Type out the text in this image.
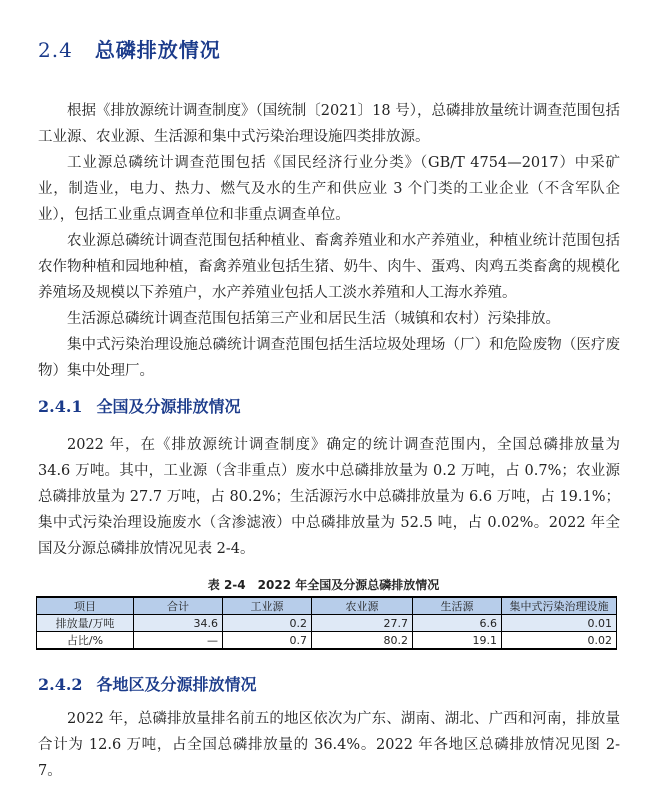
2.4 总磷排放情况

根据《排放源统计调查制度》（国统制〔2021〕18 号），总磷排放量统计调查范围包括工业源、农业源、生活源和集中式污染治理设施四类排放源。

工业源总磷统计调查范围包括《国民经济行业分类》（GB/T 4754—2017）中采矿业，制造业，电力、热力、燃气及水的生产和供应业 3 个门类的工业企业（不含军队企业），包括工业重点调查单位和非重点调查单位。

农业源总磷统计调查范围包括种植业、畜禽养殖业和水产养殖业，种植业统计范围包括农作物种植和园地种植，畜禽养殖业包括生猪、奶牛、肉牛、蛋鸡、肉鸡五类畜禽的规模化养殖场及规模以下养殖户，水产养殖业包括人工淡水养殖和人工海水养殖。

生活源总磷统计调查范围包括第三产业和居民生活（城镇和农村）污染排放。

集中式污染治理设施总磷统计调查范围包括生活垃圾处理场（厂）和危险废物（医疗废物）集中处理厂。

2.4.1 全国及分源排放情况

2022 年，在《排放源统计调查制度》确定的统计调查范围内，全国总磷排放量为 34.6 万吨。其中，工业源（含非重点）废水中总磷排放量为 0.2 万吨，占 0.7%；农业源总磷排放量为 27.7 万吨，占 80.2%；生活源污水中总磷排放量为 6.6 万吨，占 19.1%；集中式污染治理设施废水（含渗滤液）中总磷排放量为 52.5 吨，占 0.02%。2022 年全国及分源总磷排放情况见表 2-4。

表 2-4　2022 年全国及分源总磷排放情况
项目	合计	工业源	农业源	生活源	集中式污染治理设施
排放量/万吨	34.6	0.2	27.7	6.6	0.01
占比/%	—	0.7	80.2	19.1	0.02
2.4.2 各地区及分源排放情况

2022 年，总磷排放量排名前五的地区依次为广东、湖南、湖北、广西和河南，排放量合计为 12.6 万吨，占全国总磷排放量的 36.4%。2022 年各地区总磷排放情况见图 2-7。
